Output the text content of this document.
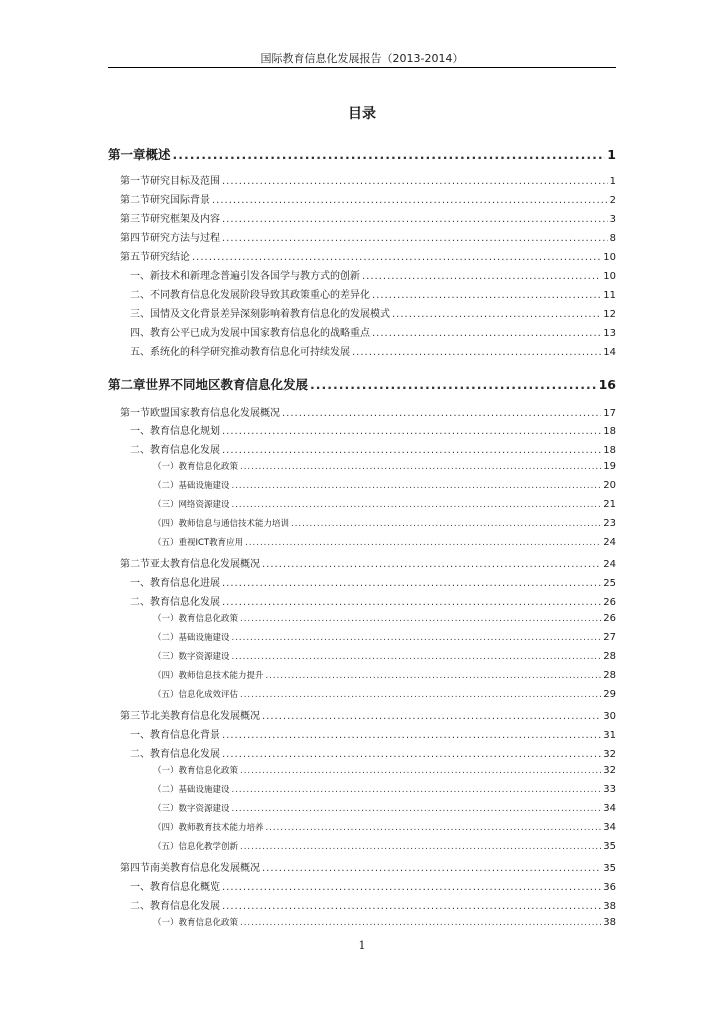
国际教育信息化发展报告（2013-2014）
目录
第一章概述 .....	1
第一节研究目标及范围 .....	1
第二节研究国际背景 .....	2
第三节研究框架及内容 .....	3
第四节研究方法与过程 .....	8
第五节研究结论 .....	10
一、新技术和新理念普遍引发各国学与教方式的创新 .....	10
二、不同教育信息化发展阶段导致其政策重心的差异化 .....	11
三、国情及文化背景差异深刻影响着教育信息化的发展模式 .....	12
四、教育公平已成为发展中国家教育信息化的战略重点 .....	13
五、系统化的科学研究推动教育信息化可持续发展 .....	14
第二章世界不同地区教育信息化发展 .....	16
第一节欧盟国家教育信息化发展概况 .....	17
一、教育信息化规划 .....	18
二、教育信息化发展 .....	18
（一）教育信息化政策 .....	19
（二）基础设施建设 .....	20
（三）网络资源建设 .....	21
（四）教师信息与通信技术能力培训 .....	23
（五）重视ICT教育应用 .....	24
第二节亚太教育信息化发展概况 .....	24
一、教育信息化进展 .....	25
二、教育信息化发展 .....	26
（一）教育信息化政策 .....	26
（二）基础设施建设 .....	27
（三）数字资源建设 .....	28
（四）教师信息技术能力提升 .....	28
（五）信息化成效评估 .....	29
第三节北美教育信息化发展概况 .....	30
一、教育信息化背景 .....	31
二、教育信息化发展 .....	32
（一）教育信息化政策 .....	32
（二）基础设施建设 .....	33
（三）数字资源建设 .....	34
（四）教师教育技术能力培养 .....	34
（五）信息化教学创新 .....	35
第四节南美教育信息化发展概况 .....	35
一、教育信息化概览 .....	36
二、教育信息化发展 .....	38
（一）教育信息化政策 .....	38
1
